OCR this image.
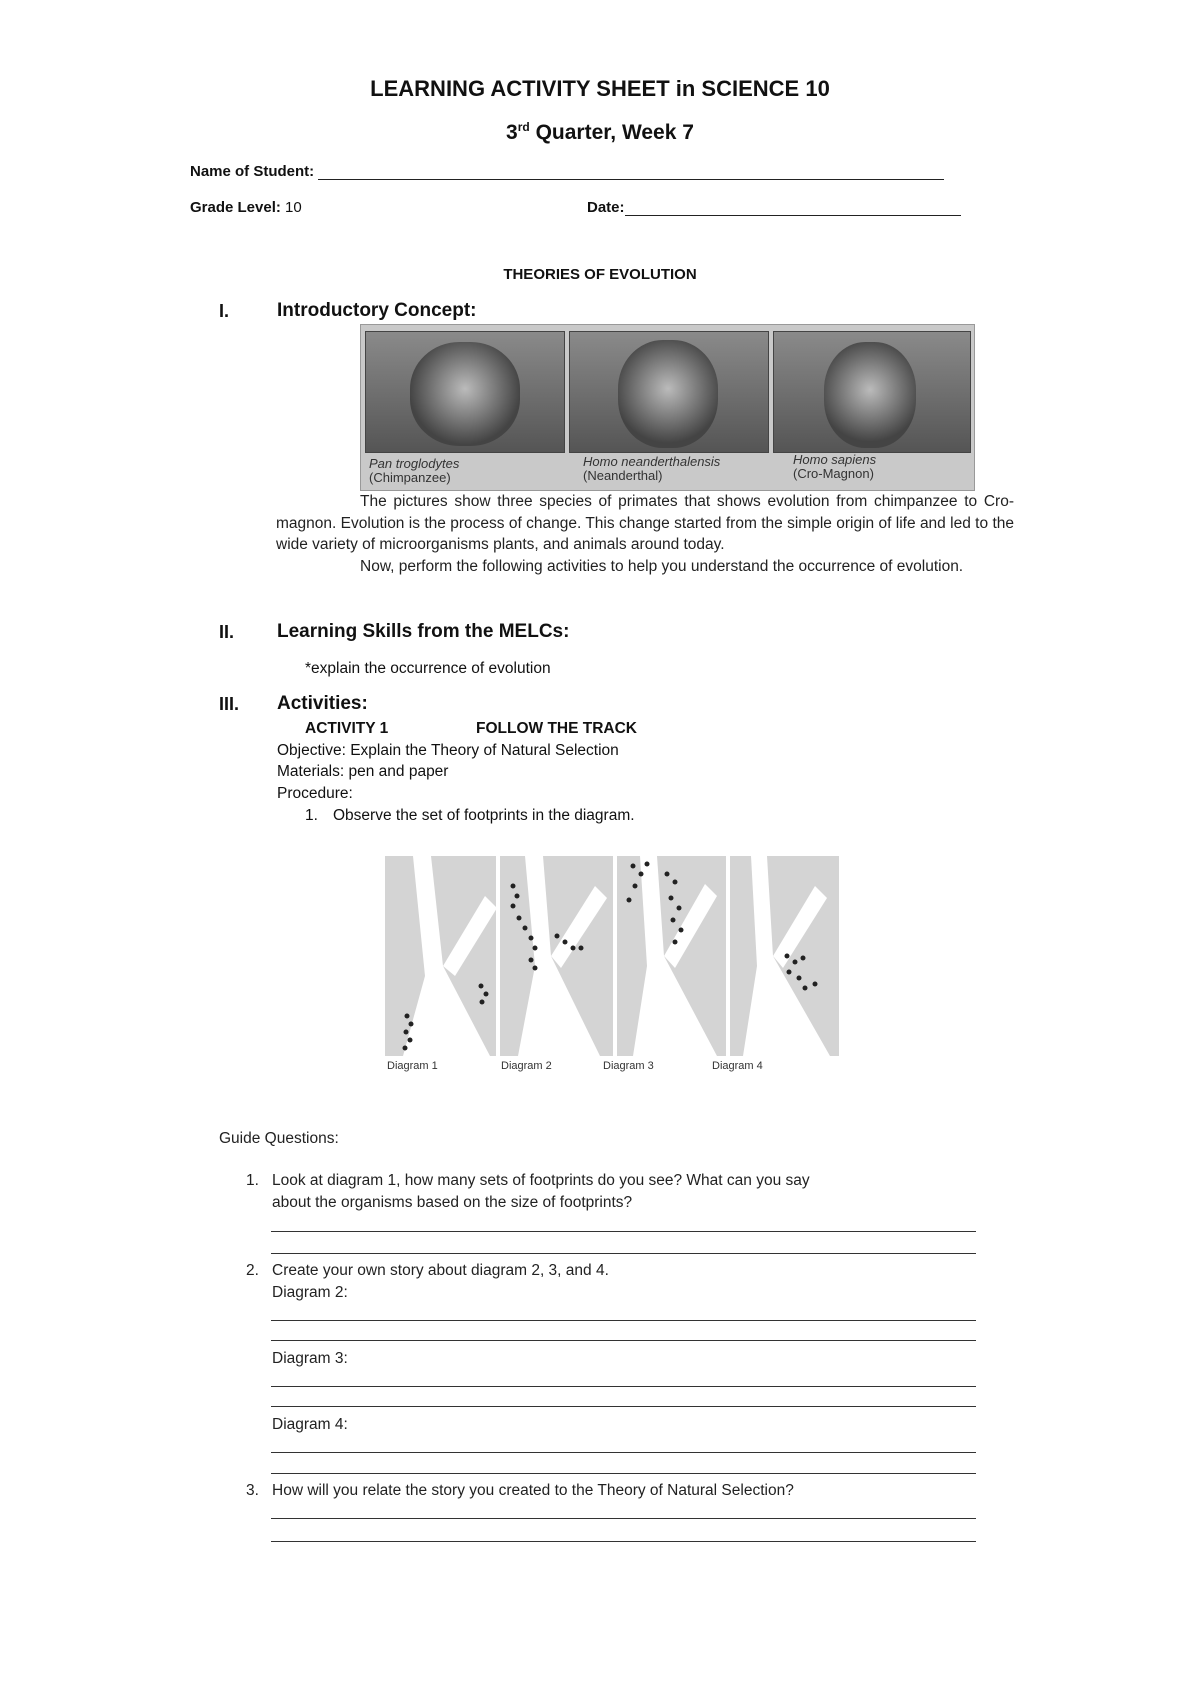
LEARNING ACTIVITY SHEET in SCIENCE 10
3rd Quarter, Week 7
Name of Student:
Grade Level: 10	Date:
THEORIES OF EVOLUTION
I.	Introductory Concept:
Pan troglodytes
(Chimpanzee)
Homo neanderthalensis
(Neanderthal)
Homo sapiens
(Cro-Magnon)
The pictures show three species of primates that shows evolution from chimpanzee to Cro-magnon. Evolution is the process of change. This change started from the simple origin of life and led to the wide variety of microorganisms plants, and animals around today.
Now, perform the following activities to help you understand the occurrence of evolution.
II. Learning Skills from the MELCs:
*explain the occurrence of evolution
III. Activities:
ACTIVITY 1	FOLLOW THE TRACK
Objective: Explain the Theory of Natural Selection
Materials: pen and paper
Procedure:
1. Observe the set of footprints in the diagram.
Diagram 1	Diagram 2	Diagram 3	Diagram 4
Guide Questions:
1. Look at diagram 1, how many sets of footprints do you see? What can you say
about the organisms based on the size of footprints?
2. Create your own story about diagram 2, 3, and 4.
Diagram 2:
Diagram 3:
Diagram 4:
3. How will you relate the story you created to the Theory of Natural Selection?
